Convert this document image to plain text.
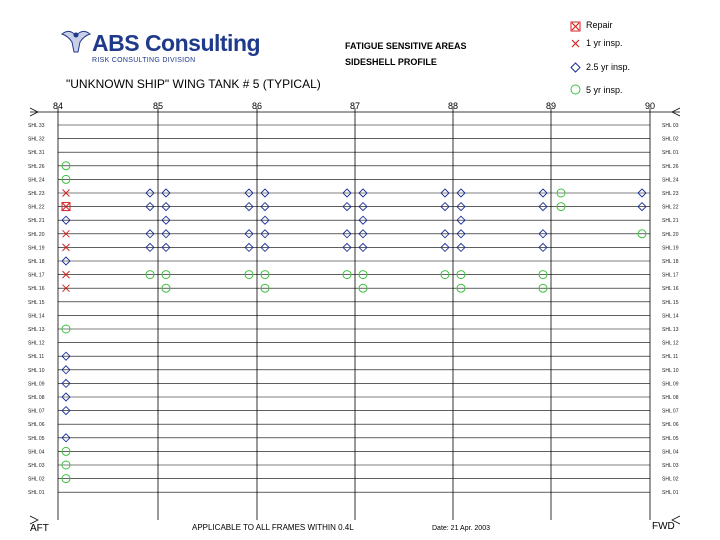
ABS Consulting
RISK CONSULTING DIVISION
FATIGUE SENSITIVE AREAS
SIDESHELL PROFILE
"UNKNOWN SHIP" WING TANK # 5 (TYPICAL)
Repair
1 yr insp.
2.5 yr insp.
5 yr insp.
84	85	86	87	88	89	90
SHL 33	SHL 03
SHL 32	SHL 02
SHL 31	SHL 01
SHL 26	SHL 26
SHL 24	SHL 24
SHL 23	SHL 23
SHL 22	SHL 22
SHL 21	SHL 21
SHL 20	SHL 20
SHL 19	SHL 19
SHL 18	SHL 18
SHL 17	SHL 17
SHL 16	SHL 16
SHL 15	SHL 15
SHL 14	SHL 14
SHL 13	SHL 13
SHL 12	SHL 12
SHL 11	SHL 11
SHL 10	SHL 10
SHL 09	SHL 09
SHL 08	SHL 08
SHL 07	SHL 07
SHL 06	SHL 06
SHL 05	SHL 05
SHL 04	SHL 04
SHL 03	SHL 03
SHL 02	SHL 02
SHL 01	SHL 01
AFT	FWD
APPLICABLE TO ALL FRAMES WITHIN 0.4L	Date: 21 Apr. 2003
